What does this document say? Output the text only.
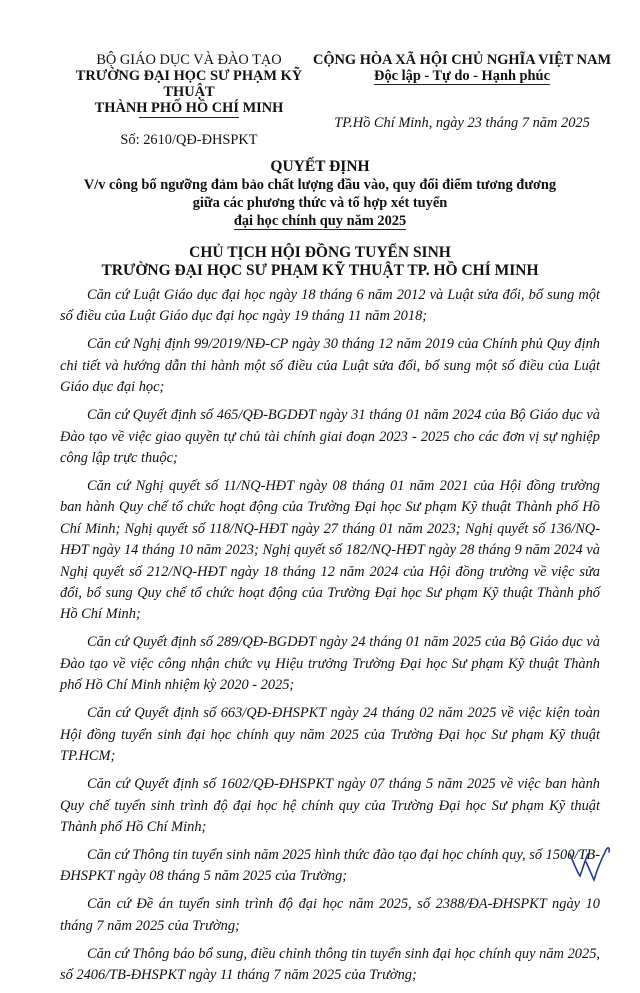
BỘ GIÁO DỤC VÀ ĐÀO TẠO
TRƯỜNG ĐẠI HỌC SƯ PHẠM KỸ THUẬT
THÀNH PHỐ HỒ CHÍ MINH
Số: 2610/QĐ-ĐHSPKT
CỘNG HÒA XÃ HỘI CHỦ NGHĨA VIỆT NAM
Độc lập - Tự do - Hạnh phúc
TP.Hồ Chí Minh, ngày 23 tháng 7 năm 2025
QUYẾT ĐỊNH
V/v công bố ngưỡng đảm bảo chất lượng đầu vào, quy đổi điểm tương đương
giữa các phương thức và tổ hợp xét tuyển
đại học chính quy năm 2025
CHỦ TỊCH HỘI ĐỒNG TUYỂN SINH
TRƯỜNG ĐẠI HỌC SƯ PHẠM KỸ THUẬT TP. HỒ CHÍ MINH

Căn cứ Luật Giáo dục đại học ngày 18 tháng 6 năm 2012 và Luật sửa đổi, bổ sung một số điều của Luật Giáo dục đại học ngày 19 tháng 11 năm 2018;

Căn cứ Nghị định 99/2019/NĐ-CP ngày 30 tháng 12 năm 2019 của Chính phủ Quy định chi tiết và hướng dẫn thi hành một số điều của Luật sửa đổi, bổ sung một số điều của Luật Giáo dục đại học;

Căn cứ Quyết định số 465/QĐ-BGDĐT ngày 31 tháng 01 năm 2024 của Bộ Giáo dục và Đào tạo về việc giao quyền tự chủ tài chính giai đoạn 2023 - 2025 cho các đơn vị sự nghiệp công lập trực thuộc;

Căn cứ Nghị quyết số 11/NQ-HĐT ngày 08 tháng 01 năm 2021 của Hội đồng trường ban hành Quy chế tổ chức hoạt động của Trường Đại học Sư phạm Kỹ thuật Thành phố Hồ Chí Minh; Nghị quyết số 118/NQ-HĐT ngày 27 tháng 01 năm 2023; Nghị quyết số 136/NQ-HĐT ngày 14 tháng 10 năm 2023; Nghị quyết số 182/NQ-HĐT ngày 28 tháng 9 năm 2024 và Nghị quyết số 212/NQ-HĐT ngày 18 tháng 12 năm 2024 của Hội đồng trường về việc sửa đổi, bổ sung Quy chế tổ chức hoạt động của Trường Đại học Sư phạm Kỹ thuật Thành phố Hồ Chí Minh;

Căn cứ Quyết định số 289/QĐ-BGDĐT ngày 24 tháng 01 năm 2025 của Bộ Giáo dục và Đào tạo về việc công nhận chức vụ Hiệu trưởng Trường Đại học Sư phạm Kỹ thuật Thành phố Hồ Chí Minh nhiệm kỳ 2020 - 2025;

Căn cứ Quyết định số 663/QĐ-ĐHSPKT ngày 24 tháng 02 năm 2025 về việc kiện toàn Hội đồng tuyển sinh đại học chính quy năm 2025 của Trường Đại học Sư phạm Kỹ thuật TP.HCM;

Căn cứ Quyết định số 1602/QĐ-ĐHSPKT ngày 07 tháng 5 năm 2025 về việc ban hành Quy chế tuyển sinh trình độ đại học hệ chính quy của Trường Đại học Sư phạm Kỹ thuật Thành phố Hồ Chí Minh;

Căn cứ Thông tin tuyển sinh năm 2025 hình thức đào tạo đại học chính quy, số 1500/TB-ĐHSPKT ngày 08 tháng 5 năm 2025 của Trường;

Căn cứ Đề án tuyển sinh trình độ đại học năm 2025, số 2388/ĐA-ĐHSPKT ngày 10 tháng 7 năm 2025 của Trường;

Căn cứ Thông báo bổ sung, điều chỉnh thông tin tuyển sinh đại học chính quy năm 2025, số 2406/TB-ĐHSPKT ngày 11 tháng 7 năm 2025 của Trường;
